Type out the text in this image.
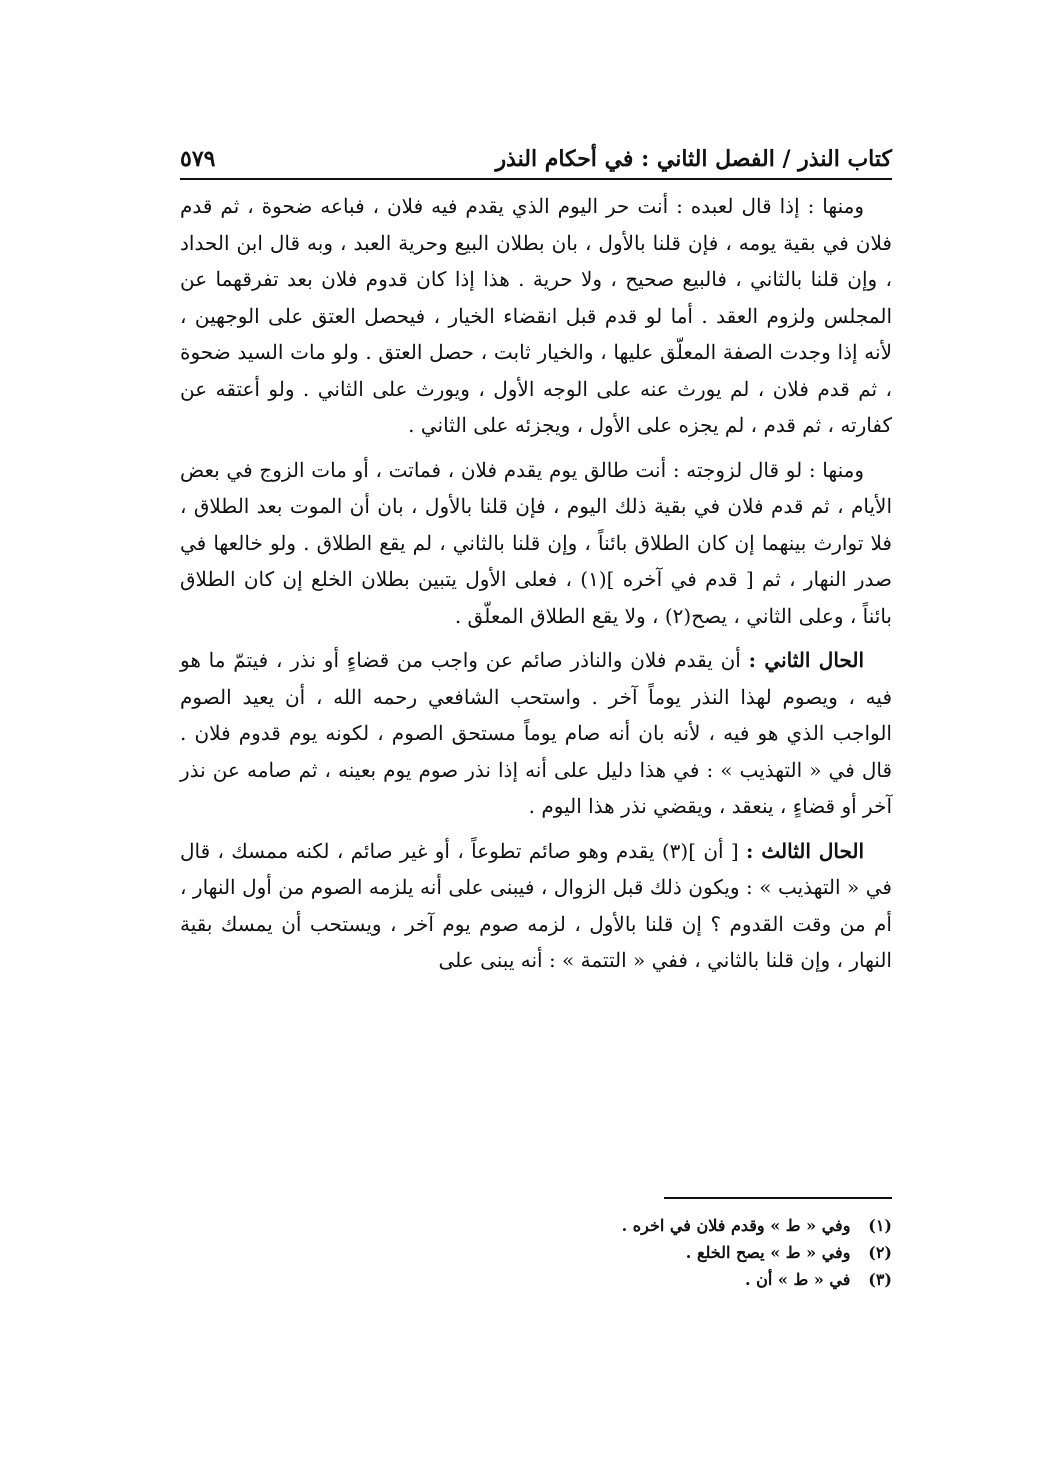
كتاب النذر / الفصل الثاني : في أحكام النذر
٥٧٩

ومنها : إذا قال لعبده : أنت حر اليوم الذي يقدم فيه فلان ، فباعه ضحوة ، ثم قدم فلان في بقية يومه ، فإن قلنا بالأول ، بان بطلان البيع وحرية العبد ، وبه قال ابن الحداد ، وإن قلنا بالثاني ، فالبيع صحيح ، ولا حرية . هذا إذا كان قدوم فلان بعد تفرقهما عن المجلس ولزوم العقد . أما لو قدم قبل انقضاء الخيار ، فيحصل العتق على الوجهين ، لأنه إذا وجدت الصفة المعلّق عليها ، والخيار ثابت ، حصل العتق . ولو مات السيد ضحوة ، ثم قدم فلان ، لم يورث عنه على الوجه الأول ، ويورث على الثاني . ولو أعتقه عن كفارته ، ثم قدم ، لم يجزه على الأول ، ويجزئه على الثاني .

ومنها : لو قال لزوجته : أنت طالق يوم يقدم فلان ، فماتت ، أو مات الزوج في بعض الأيام ، ثم قدم فلان في بقية ذلك اليوم ، فإن قلنا بالأول ، بان أن الموت بعد الطلاق ، فلا توارث بينهما إن كان الطلاق بائناً ، وإن قلنا بالثاني ، لم يقع الطلاق . ولو خالعها في صدر النهار ، ثم [ قدم في آخره ](١) ، فعلى الأول يتبين بطلان الخلع إن كان الطلاق بائناً ، وعلى الثاني ، يصح(٢) ، ولا يقع الطلاق المعلّق .

الحال الثاني : أن يقدم فلان والناذر صائم عن واجب من قضاءٍ أو نذر ، فيتمّ ما هو فيه ، ويصوم لهذا النذر يوماً آخر . واستحب الشافعي رحمه الله ، أن يعيد الصوم الواجب الذي هو فيه ، لأنه بان أنه صام يوماً مستحق الصوم ، لكونه يوم قدوم فلان . قال في « التهذيب » : في هذا دليل على أنه إذا نذر صوم يوم بعينه ، ثم صامه عن نذر آخر أو قضاءٍ ، ينعقد ، ويقضي نذر هذا اليوم .

الحال الثالث : [ أن ](٣) يقدم وهو صائم تطوعاً ، أو غير صائم ، لكنه ممسك ، قال في « التهذيب » : ويكون ذلك قبل الزوال ، فيبنى على أنه يلزمه الصوم من أول النهار ، أم من وقت القدوم ؟ إن قلنا بالأول ، لزمه صوم يوم آخر ، ويستحب أن يمسك بقية النهار ، وإن قلنا بالثاني ، ففي « التتمة » : أنه يبنى على

(١) وفي « ط » وقدم فلان في اخره .

(٢) وفي « ط » يصح الخلع .

(٣) في « ط » أن .
